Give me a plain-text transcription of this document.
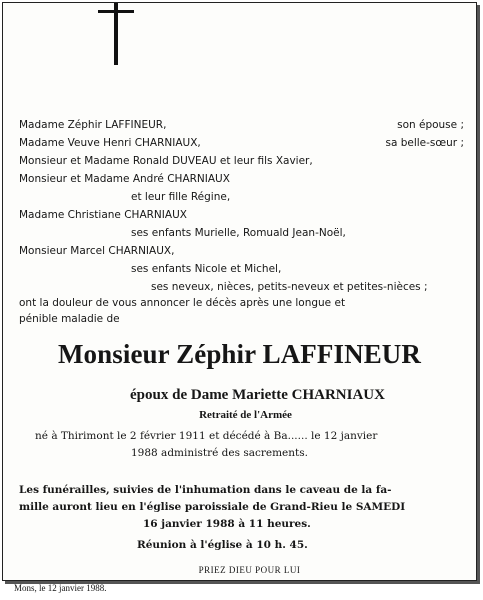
Madame Zéphir LAFFINEUR,	son épouse ;
Madame Veuve Henri CHARNIAUX,	sa belle-sœur ;
Monsieur et Madame Ronald DUVEAU et leur fils Xavier,
Monsieur et Madame André CHARNIAUX
et leur fille Régine,
Madame Christiane CHARNIAUX
ses enfants Murielle, Romuald Jean-Noël,
Monsieur Marcel CHARNIAUX,
ses enfants Nicole et Michel,
ses neveux, nièces, petits-neveux et petites-nièces ;
ont la douleur de vous annoncer le décès après une longue et
pénible maladie de
Monsieur Zéphir LAFFINEUR
époux de Dame Mariette CHARNIAUX
Retraité de l'Armée
né à Thirimont le 2 février 1911 et décédé à Ba...... le 12 janvier
1988 administré des sacrements.
Les funérailles, suivies de l'inhumation dans le caveau de la fa-
mille auront lieu en l'église paroissiale de Grand-Rieu le SAMEDI
16 janvier 1988 à 11 heures.
Réunion à l'église à 10 h. 45.
PRIEZ DIEU POUR LUI
Mons, le 12 janvier 1988.
